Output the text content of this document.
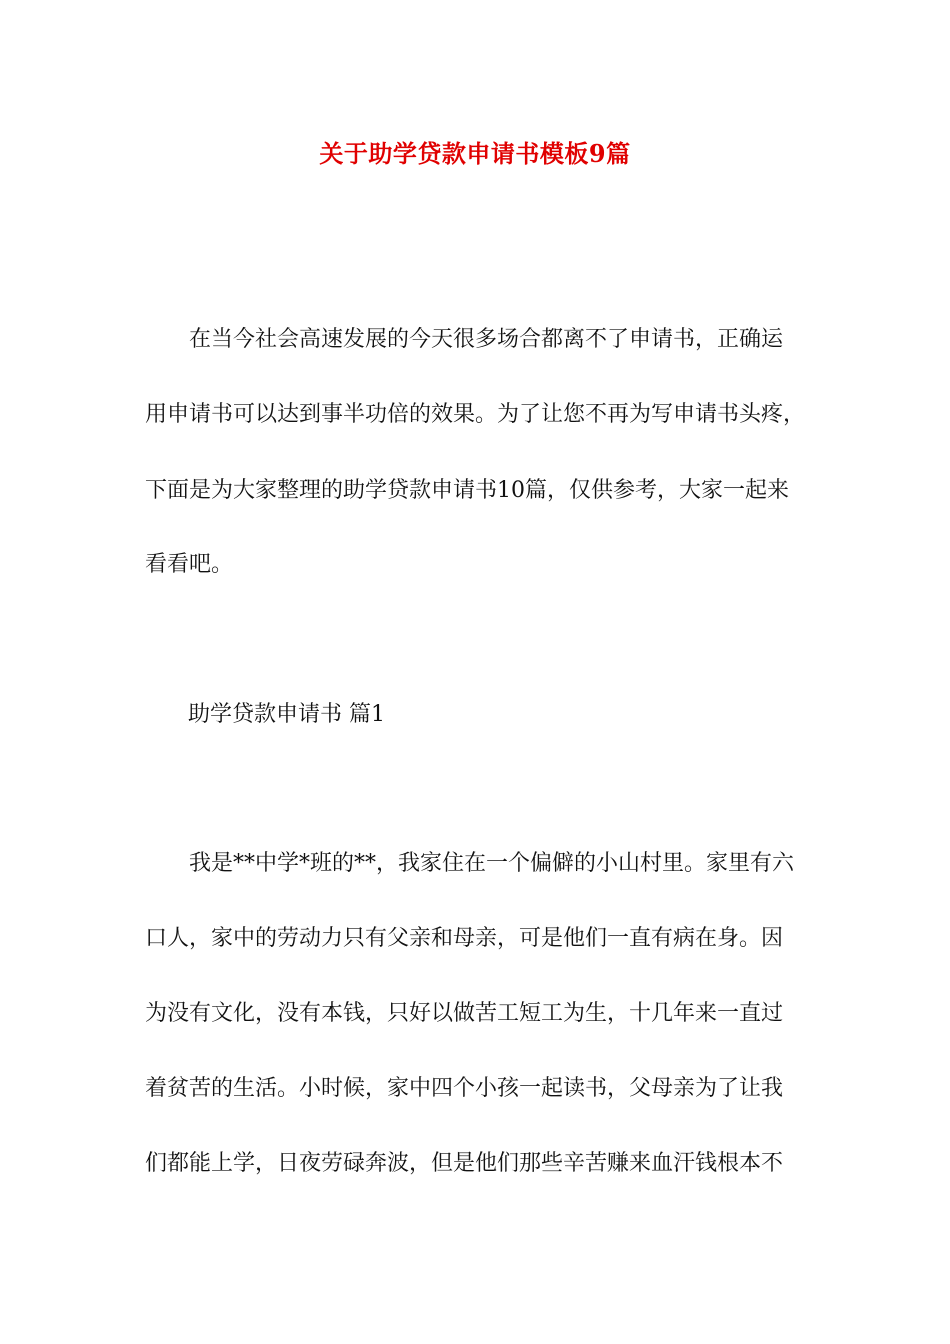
关于助学贷款申请书模板9篇
　　在当今社会高速发展的今天很多场合都离不了申请书，正确运
用申请书可以达到事半功倍的效果。为了让您不再为写申请书头疼，
下面是为大家整理的助学贷款申请书10篇，仅供参考，大家一起来
看看吧。
助学贷款申请书 篇1
　　我是**中学*班的**，我家住在一个偏僻的小山村里。家里有六
口人，家中的劳动力只有父亲和母亲，可是他们一直有病在身。因
为没有文化，没有本钱，只好以做苦工短工为生，十几年来一直过
着贫苦的生活。小时候，家中四个小孩一起读书，父母亲为了让我
们都能上学，日夜劳碌奔波，但是他们那些辛苦赚来血汗钱根本不
